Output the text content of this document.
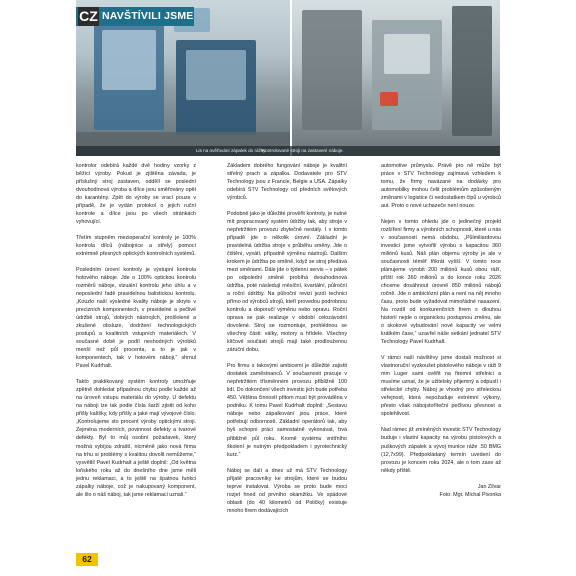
Lis na ověřování zápalek do rážky.
Kontrolované stroji na zastavení náboje.
CZ NAVŠTÍVILI JSME

kontrolor odebírá každé dvě hodiny vzorky z běžící výroby. Pokud je zjištěna závada, je příslušný stroj zastaven, oddělí se poslední dvouhodinová výroba a dílce jsou směřovány opět do karantény. Zpět do výroby se vrací pouze v případě, že je vydán protokol o jejich ruční kontrole a dílce jsou po všech stránkách vyhovující.

Třetím stupněm mezioperační kontroly je 100% kontrola dílců (nábojnice a střely) pomocí extrémně přesných optických kontrolních systémů.

Posledním úrovní kontroly je výstupní kontrola hotového náboje. Jde o 100% optickou kontrolu rozměrů náboje, vizuální kontrolu jeho úhlu a v neposlední řadě pravidelnou balistickou kontrolu. „Kouzlo naší výsledné kvality náboje je skryto v precizních komponentech, v pravidelné a pečlivé údržbě strojů, dobrých nástrojích, prošlolené a zkušené obsluze, dodržení technologických postupů a kvalitních vstupních materiálech. V současné době je podíl neshodných výrobků menší než půl procenta, a to je jak v komponentech, tak v hotovém náboji,“ shrnul Pavel Kudrhalt.

Takto praktikovaný systém kontroly umožňuje zpětně dohledat případnou chybu podle každé až na úroveň vstupu materiálu do výroby. U defektu na náboji lze tak podle čísla šarží zjistit od koho přišly kalíšky, kdy přišly a jaké mají vývojové číslo. „Kontrolujeme sto procent výroby optickými stroji. Zejména moderních, povinnost defekty a tvarové defekty. Byl to můj osobní požadavek, který možná vybíjou zdraští, nicméně jako nová firma na trhu si problémy s kvalitou dovolit nemůžeme,“ vysvětlil Pavel Kudrhalt a ještě doplnil: „Od května loňského roku až do dnešního dne jsme měli jednu reklamaci, a to ještě na špatnou funkci zápalky náboje, což je nakupovaný komponent, ale šlo o náš náboj, tak jsme reklamaci uznali.“

Základem dobrého fungování náboje je kvalitní střelný prach a zápalka. Dodavatele pro STV Technology jsou z Francie, Belgie a USA. Zápalky odebírá STV Technology od předních světových výrobců.

Podobně jako je důležité prověřit kontroly, je nutné mít propracovaný systém údržby tak, aby stroje v nepřetržitém provozu zbytečně nestály. I v tomto případě jde o několik úrovní. Základní je pravidelná údržba stroje v průběhu směny. Jde o čištění, vysátí, případně výměnu nástrojů. Dalším krokem je údržba po směně, když se stroj předává mezi směnami. Dále jde o týdenní servis – v pátek po odpolední směně probíhá dvouhodinová údržba, poté následují měsíční, kvartální, půlroční a roční údržby. Na půlroční revizi jezdí technici přímo od výrobců strojů, kteří provedou podrobnou kontrolu a doporučí výměnu nebo opravu. Roční oprava se pak realizuje v období celozávodní dovolené. Stroj se rozmontuje, prohlédnou se všechny části: války, motory a hřídele. Všechny klíčové součásti strojů mají také prodlouženou záruční dobu.

Pro firmu s takovými ambicemi je důležité zajistit dostatek zaměstnanců. V současnosti pracuje v nepřetržitém třísměnném provozu přibližně 100 lidí. Do dokončení všech investic jich bude potřeba 450. Většina činností přitom musí být prováděna v podniku. K tomu Pavel Kudrhalt doplnil: „Sestavu náboje nebo zápalkování jsou práce, které potřebují odborností. Základní operátorů tak, aby byli schopni práci samostatně vykonávat, trvá přibližně půl roku. Kromě systému vnitřního školení je nutným předpokladem i pyrotechnický kurz.“

Náboj se dalí a dnes už má STV Technology příjatě pracovníky ke strojům, které se budou teprve instalovat. Výroba se proto bude moci rozjet hned od prvního okamžiku. Ve spádové oblasti (do 40 kilometrů od Poličky) existuje mnoho firem dodávajících

automotive průmyslu. Právě pro ně může být práce v STV Technology zajímavá vzhledem k tomu, že firmy navázané na dodávky pro automobilky mohou čelit problémům způsobeným změnami v logistice či nedostatkem čipů u výrobců aut. Proto o nové uchazeče není nouze.

Nejen v tomto ohledu jde o jedinečný projekt rozšíření firmy a výrobních schopností, které u nás v současnosti nemá obdobu. „Půlmiliardovou investicí jsme vytvořili výrobu s kapacitou 360 miliónů kusů. Náš plán objemu výroby je ale v současnosti téměř třikrát vyšší. V tomto roce plánujeme vyrobit 200 miliónů kusů obou ráží, příští rok 360 miliónů a do konce roku 2026 chceme dosáhnout úrovně 850 miliónů nábojů ročně. Jde o ambiciózní plán a není na něj mnoho času, proto bude vyžadovat mimořádné nasazení. Na rozdíl od konkurenčních firem s dlouhou historií nejde o organickou postupnou změnu, ale o skokové vybudování nové kapacity ve velmi krátkém čase,“ uzavřel náše setkání jednatel STV Technology Pavel Kudrhalt.

V rámci naší návštěvy jsme dostali možnost si vlastnoruční vyzkoušet pistolového náboje v ráži 9 mm Luger sami ověřit na firemní střelnici a musíme uznat, že je užitelsky přijemný a odpustí i střelecké chyby. Náboj je vhodný pro střeleckou veřejnost, která nepožaduje extrémní výkony, přesto však nábojstoříteční pečlivou přesnost a spolehlivost.

Nad rámec již zmíněných investic STV Technology buduje i vlastní kapacity na výrobu pistolových a puškových zápalek a vývoj munice ráže .50 BMG (12,7x99). Předpokládaný termín uvedení do provozu je koncem roku 2024, ale o tom zase až někdy příště.

Jan Zilvar

Foto: Mgr. Michal Pivonka

62
